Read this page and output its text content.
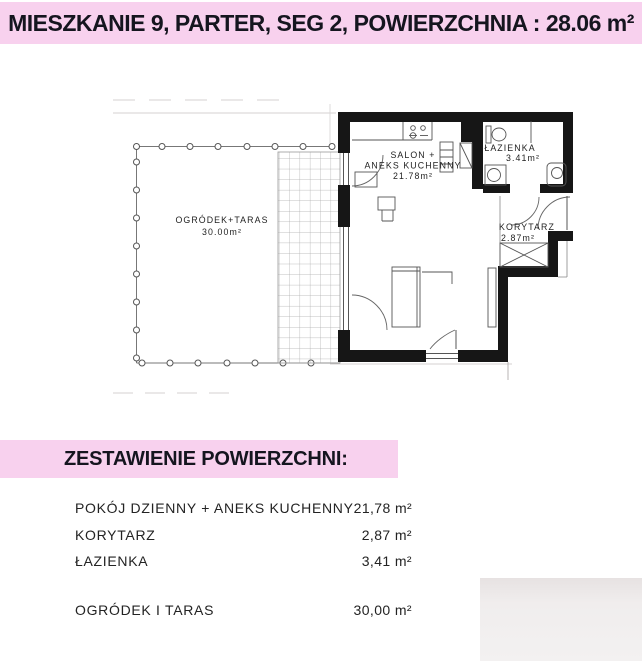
MIESZKANIE 9, PARTER, SEG 2, POWIERZCHNIA : 28.06 m²
OGRÓDEK+TARAS
30.00m²
SALON +
ANEKS KUCHENNY
21.78m²
ŁAZIENKA
3.41m²
KORYTARZ
2.87m²
ZESTAWIENIE POWIERZCHNI:
POKÓJ DZIENNY + ANEKS KUCHENNY 21,78 m²
KORYTARZ	2,87 m²
ŁAZIENKA	3,41 m²
OGRÓDEK I TARAS	30,00 m²
